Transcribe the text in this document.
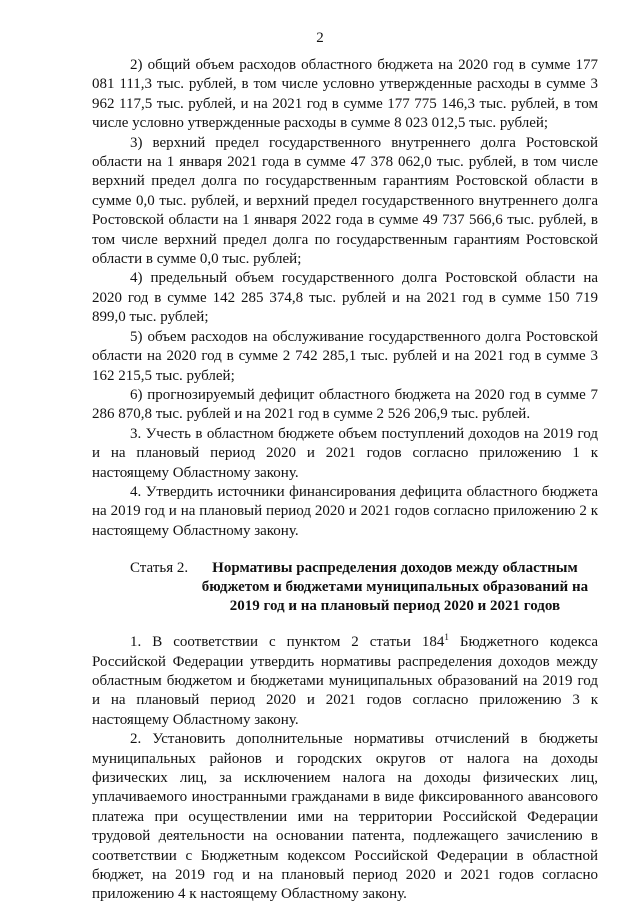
2

2) общий объем расходов областного бюджета на 2020 год в сумме 177 081 111,3 тыс. рублей, в том числе условно утвержденные расходы в сумме 3 962 117,5 тыс. рублей, и на 2021 год в сумме 177 775 146,3 тыс. рублей, в том числе условно утвержденные расходы в сумме 8 023 012,5 тыс. рублей;

3) верхний предел государственного внутреннего долга Ростовской области на 1 января 2021 года в сумме 47 378 062,0 тыс. рублей, в том числе верхний предел долга по государственным гарантиям Ростовской области в сумме 0,0 тыс. рублей, и верхний предел государственного внутреннего долга Ростовской области на 1 января 2022 года в сумме 49 737 566,6 тыс. рублей, в том числе верхний предел долга по государственным гарантиям Ростовской области в сумме 0,0 тыс. рублей;

4) предельный объем государственного долга Ростовской области на 2020 год в сумме 142 285 374,8 тыс. рублей и на 2021 год в сумме 150 719 899,0 тыс. рублей;

5) объем расходов на обслуживание государственного долга Ростовской области на 2020 год в сумме 2 742 285,1 тыс. рублей и на 2021 год в сумме 3 162 215,5 тыс. рублей;

6) прогнозируемый дефицит областного бюджета на 2020 год в сумме 7 286 870,8 тыс. рублей и на 2021 год в сумме 2 526 206,9 тыс. рублей.

3. Учесть в областном бюджете объем поступлений доходов на 2019 год и на плановый период 2020 и 2021 годов согласно приложению 1 к настоящему Областному закону.

4. Утвердить источники финансирования дефицита областного бюджета на 2019 год и на плановый период 2020 и 2021 годов согласно приложению 2 к настоящему Областному закону.

Статья 2.	Нормативы распределения доходов между областным бюджетом и бюджетами муниципальных образований на 2019 год и на плановый период 2020 и 2021 годов

1. В соответствии с пунктом 2 статьи $184^1$ Бюджетного кодекса Российской Федерации утвердить нормативы распределения доходов между областным бюджетом и бюджетами муниципальных образований на 2019 год и на плановый период 2020 и 2021 годов согласно приложению 3 к настоящему Областному закону.

2. Установить дополнительные нормативы отчислений в бюджеты муниципальных районов и городских округов от налога на доходы физических лиц, за исключением налога на доходы физических лиц, уплачиваемого иностранными гражданами в виде фиксированного авансового платежа при осуществлении ими на территории Российской Федерации трудовой деятельности на основании патента, подлежащего зачислению в соответствии с Бюджетным кодексом Российской Федерации в областной бюджет, на 2019 год и на плановый период 2020 и 2021 годов согласно приложению 4 к настоящему Областному закону.
